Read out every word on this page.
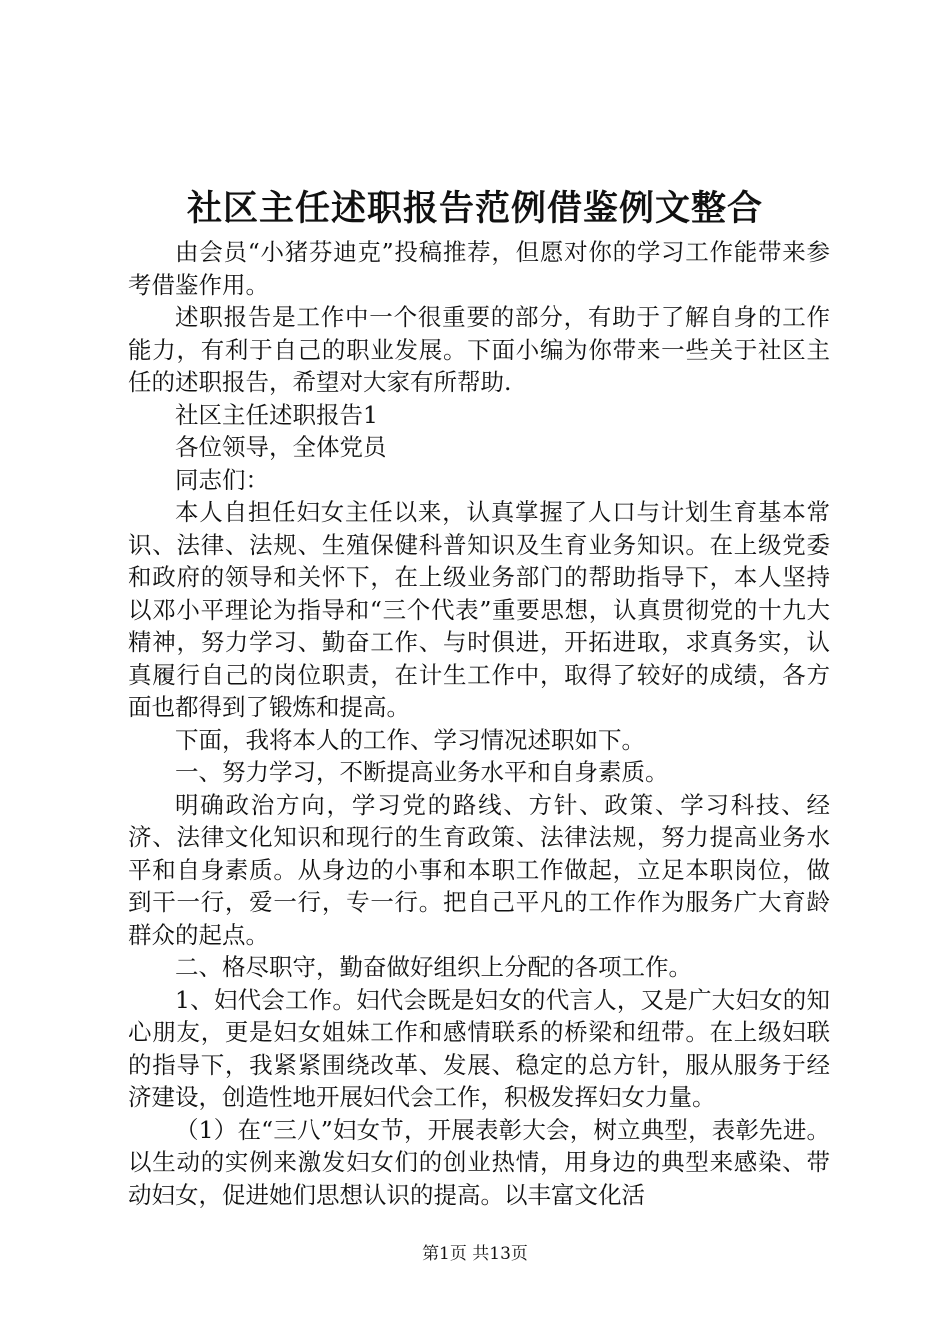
社区主任述职报告范例借鉴例文整合

由会员“小猪芬迪克”投稿推荐，但愿对你的学习工作能带来参考借鉴作用。

述职报告是工作中一个很重要的部分，有助于了解自身的工作能力，有利于自己的职业发展。下面小编为你带来一些关于社区主任的述职报告，希望对大家有所帮助.

社区主任述职报告1

各位领导，全体党员

同志们：

本人自担任妇女主任以来，认真掌握了人口与计划生育基本常识、法律、法规、生殖保健科普知识及生育业务知识。在上级党委和政府的领导和关怀下，在上级业务部门的帮助指导下，本人坚持以邓小平理论为指导和“三个代表”重要思想，认真贯彻党的十九大精神，努力学习、勤奋工作、与时俱进，开拓进取，求真务实，认真履行自己的岗位职责，在计生工作中，取得了较好的成绩，各方面也都得到了锻炼和提高。

下面，我将本人的工作、学习情况述职如下。

一、努力学习，不断提高业务水平和自身素质。

明确政治方向，学习党的路线、方针、政策、学习科技、经济、法律文化知识和现行的生育政策、法律法规，努力提高业务水平和自身素质。从身边的小事和本职工作做起，立足本职岗位，做到干一行，爱一行，专一行。把自己平凡的工作作为服务广大育龄群众的起点。

二、格尽职守，勤奋做好组织上分配的各项工作。

1、妇代会工作。妇代会既是妇女的代言人，又是广大妇女的知心朋友，更是妇女姐妹工作和感情联系的桥梁和纽带。在上级妇联的指导下，我紧紧围绕改革、发展、稳定的总方针，服从服务于经济建设，创造性地开展妇代会工作，积极发挥妇女力量。

（1）在“三八”妇女节，开展表彰大会，树立典型，表彰先进。以生动的实例来激发妇女们的创业热情，用身边的典型来感染、带动妇女，促进她们思想认识的提高。以丰富文化活

第1页 共13页
